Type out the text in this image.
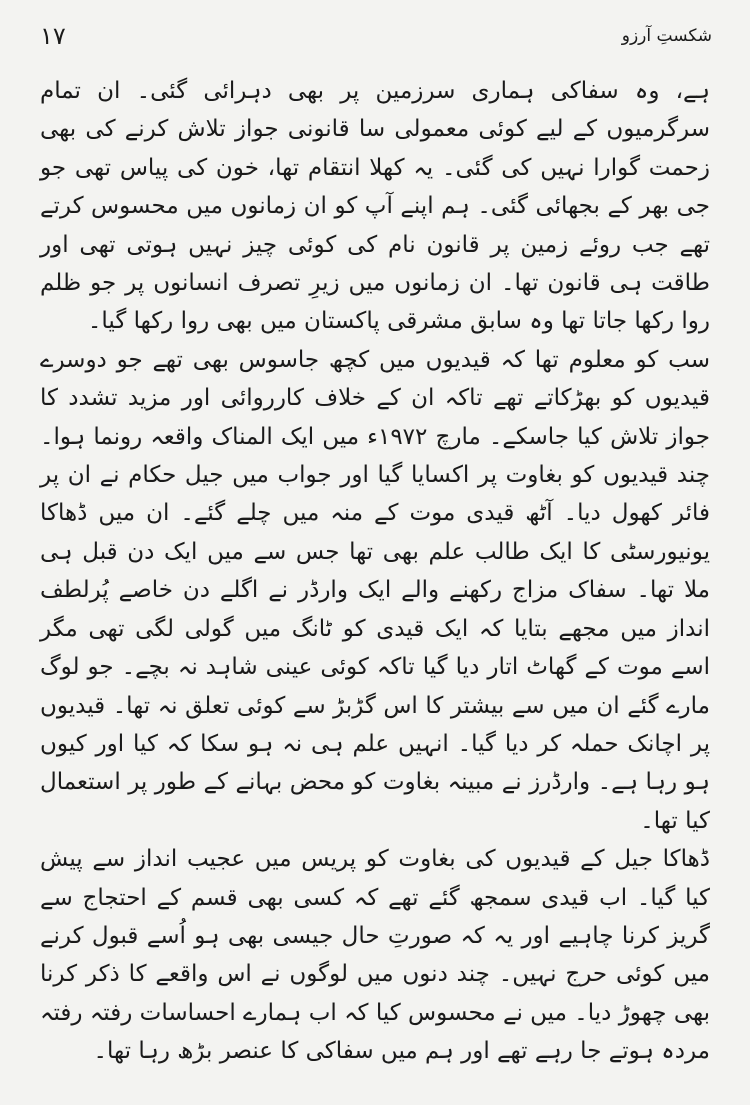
۱۷	شکستِ آرزو

ہے، وہ سفاکی ہماری سرزمین پر بھی دہرائی گئی۔ ان تمام سرگرمیوں کے لیے کوئی معمولی سا قانونی جواز تلاش کرنے کی بھی زحمت گوارا نہیں کی گئی۔ یہ کھلا انتقام تھا، خون کی پیاس تھی جو جی بھر کے بجھائی گئی۔ ہم اپنے آپ کو ان زمانوں میں محسوس کرتے تھے جب روئے زمین پر قانون نام کی کوئی چیز نہیں ہوتی تھی اور طاقت ہی قانون تھا۔ ان زمانوں میں زیرِ تصرف انسانوں پر جو ظلم روا رکھا جاتا تھا وہ سابق مشرقی پاکستان میں بھی روا رکھا گیا۔

سب کو معلوم تھا کہ قیدیوں میں کچھ جاسوس بھی تھے جو دوسرے قیدیوں کو بھڑکاتے تھے تاکہ ان کے خلاف کارروائی اور مزید تشدد کا جواز تلاش کیا جاسکے۔ مارچ ۱۹۷۲ء میں ایک المناک واقعہ رونما ہوا۔ چند قیدیوں کو بغاوت پر اکسایا گیا اور جواب میں جیل حکام نے ان پر فائر کھول دیا۔ آٹھ قیدی موت کے منہ میں چلے گئے۔ ان میں ڈھاکا یونیورسٹی کا ایک طالب علم بھی تھا جس سے میں ایک دن قبل ہی ملا تھا۔ سفاک مزاج رکھنے والے ایک وارڈر نے اگلے دن خاصے پُرلطف انداز میں مجھے بتایا کہ ایک قیدی کو ٹانگ میں گولی لگی تھی مگر اسے موت کے گھاٹ اتار دیا گیا تاکہ کوئی عینی شاہد نہ بچے۔ جو لوگ مارے گئے ان میں سے بیشتر کا اس گڑبڑ سے کوئی تعلق نہ تھا۔ قیدیوں پر اچانک حملہ کر دیا گیا۔ انہیں علم ہی نہ ہو سکا کہ کیا اور کیوں ہو رہا ہے۔ وارڈرز نے مبینہ بغاوت کو محض بہانے کے طور پر استعمال کیا تھا۔

ڈھاکا جیل کے قیدیوں کی بغاوت کو پریس میں عجیب انداز سے پیش کیا گیا۔ اب قیدی سمجھ گئے تھے کہ کسی بھی قسم کے احتجاج سے گریز کرنا چاہیے اور یہ کہ صورتِ حال جیسی بھی ہو اُسے قبول کرنے میں کوئی حرج نہیں۔ چند دنوں میں لوگوں نے اس واقعے کا ذکر کرنا بھی چھوڑ دیا۔ میں نے محسوس کیا کہ اب ہمارے احساسات رفتہ رفتہ مردہ ہوتے جا رہے تھے اور ہم میں سفاکی کا عنصر بڑھ رہا تھا۔
